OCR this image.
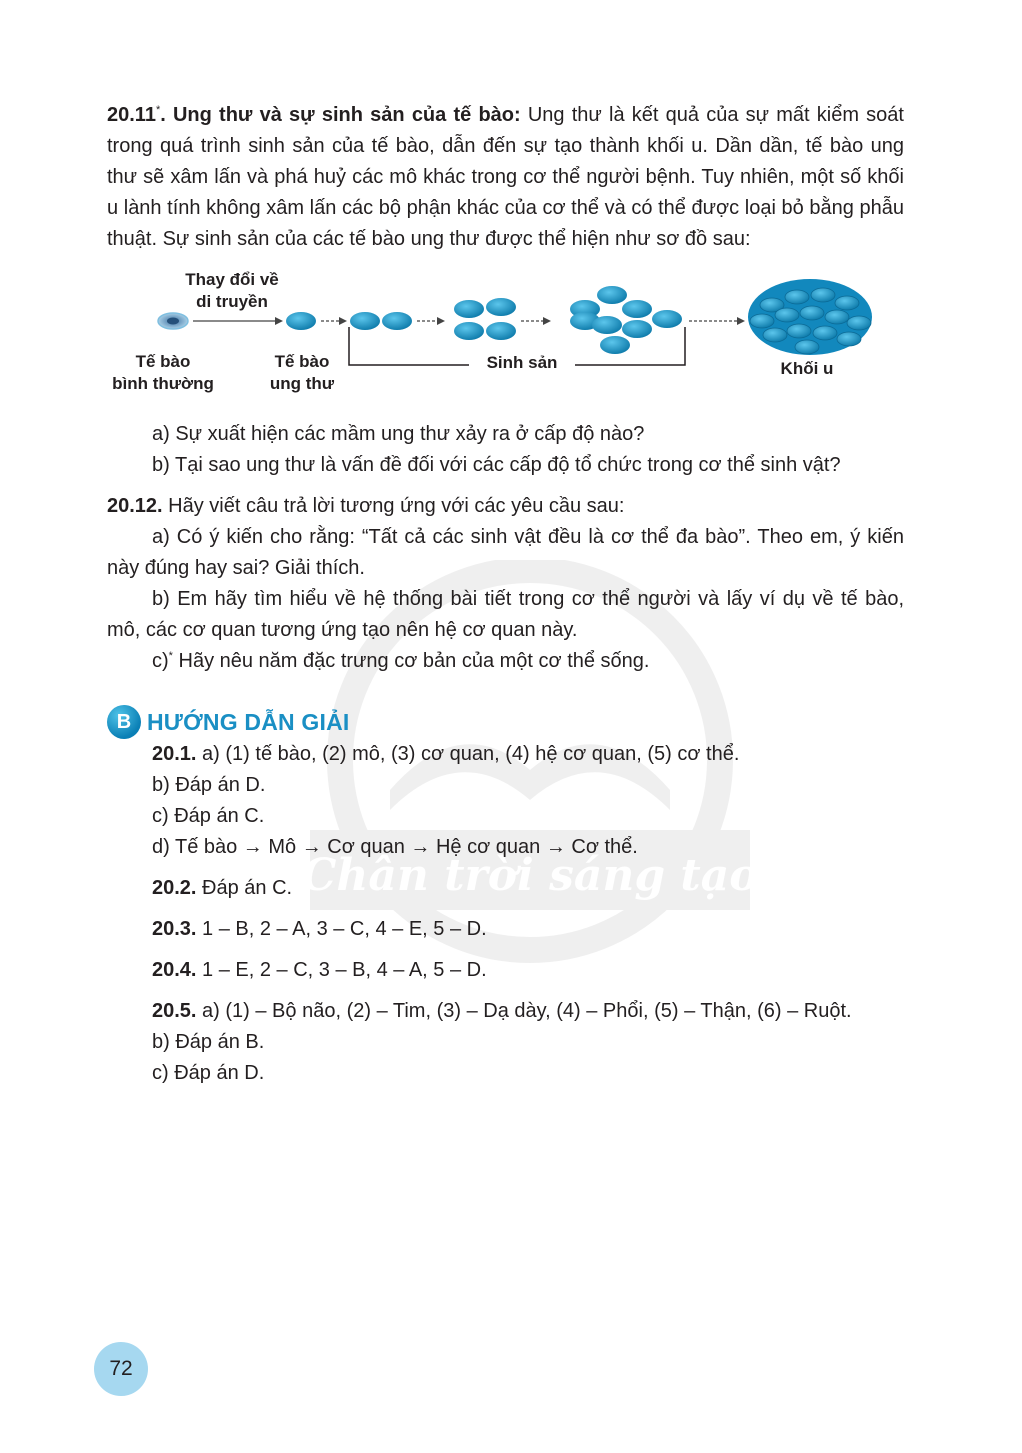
Chân trời sáng tạo

20.11*. Ung thư và sự sinh sản của tế bào: Ung thư là kết quả của sự mất kiểm soát trong quá trình sinh sản của tế bào, dẫn đến sự tạo thành khối u. Dần dần, tế bào ung thư sẽ xâm lấn và phá huỷ các mô khác trong cơ thể người bệnh. Tuy nhiên, một số khối u lành tính không xâm lấn các bộ phận khác của cơ thể và có thể được loại bỏ bằng phẫu thuật. Sự sinh sản của các tế bào ung thư được thể hiện như sơ đồ sau:

Thay đổi về
di truyền
Tế bào
bình thường
Tế bào
ung thư
Sinh sản	Khối u

a) Sự xuất hiện các mầm ung thư xảy ra ở cấp độ nào?

b) Tại sao ung thư là vấn đề đối với các cấp độ tổ chức trong cơ thể sinh vật?

20.12. Hãy viết câu trả lời tương ứng với các yêu cầu sau:

a) Có ý kiến cho rằng: “Tất cả các sinh vật đều là cơ thể đa bào”. Theo em, ý kiến này đúng hay sai? Giải thích.

b) Em hãy tìm hiểu về hệ thống bài tiết trong cơ thể người và lấy ví dụ về tế bào, mô, các cơ quan tương ứng tạo nên hệ cơ quan này.

c)* Hãy nêu năm đặc trưng cơ bản của một cơ thể sống.

B HƯỚNG DẪN GIẢI

20.1. a) (1) tế bào, (2) mô, (3) cơ quan, (4) hệ cơ quan, (5) cơ thể.

b) Đáp án D.

c) Đáp án C.

d) Tế bào → Mô → Cơ quan → Hệ cơ quan → Cơ thể.

20.2. Đáp án C.

20.3. 1 – B, 2 – A, 3 – C, 4 – E, 5 – D.

20.4. 1 – E, 2 – C, 3 – B, 4 – A, 5 – D.

20.5. a) (1) – Bộ não, (2) – Tim, (3) – Dạ dày, (4) – Phổi, (5) – Thận, (6) – Ruột.

b) Đáp án B.

c) Đáp án D.

72
